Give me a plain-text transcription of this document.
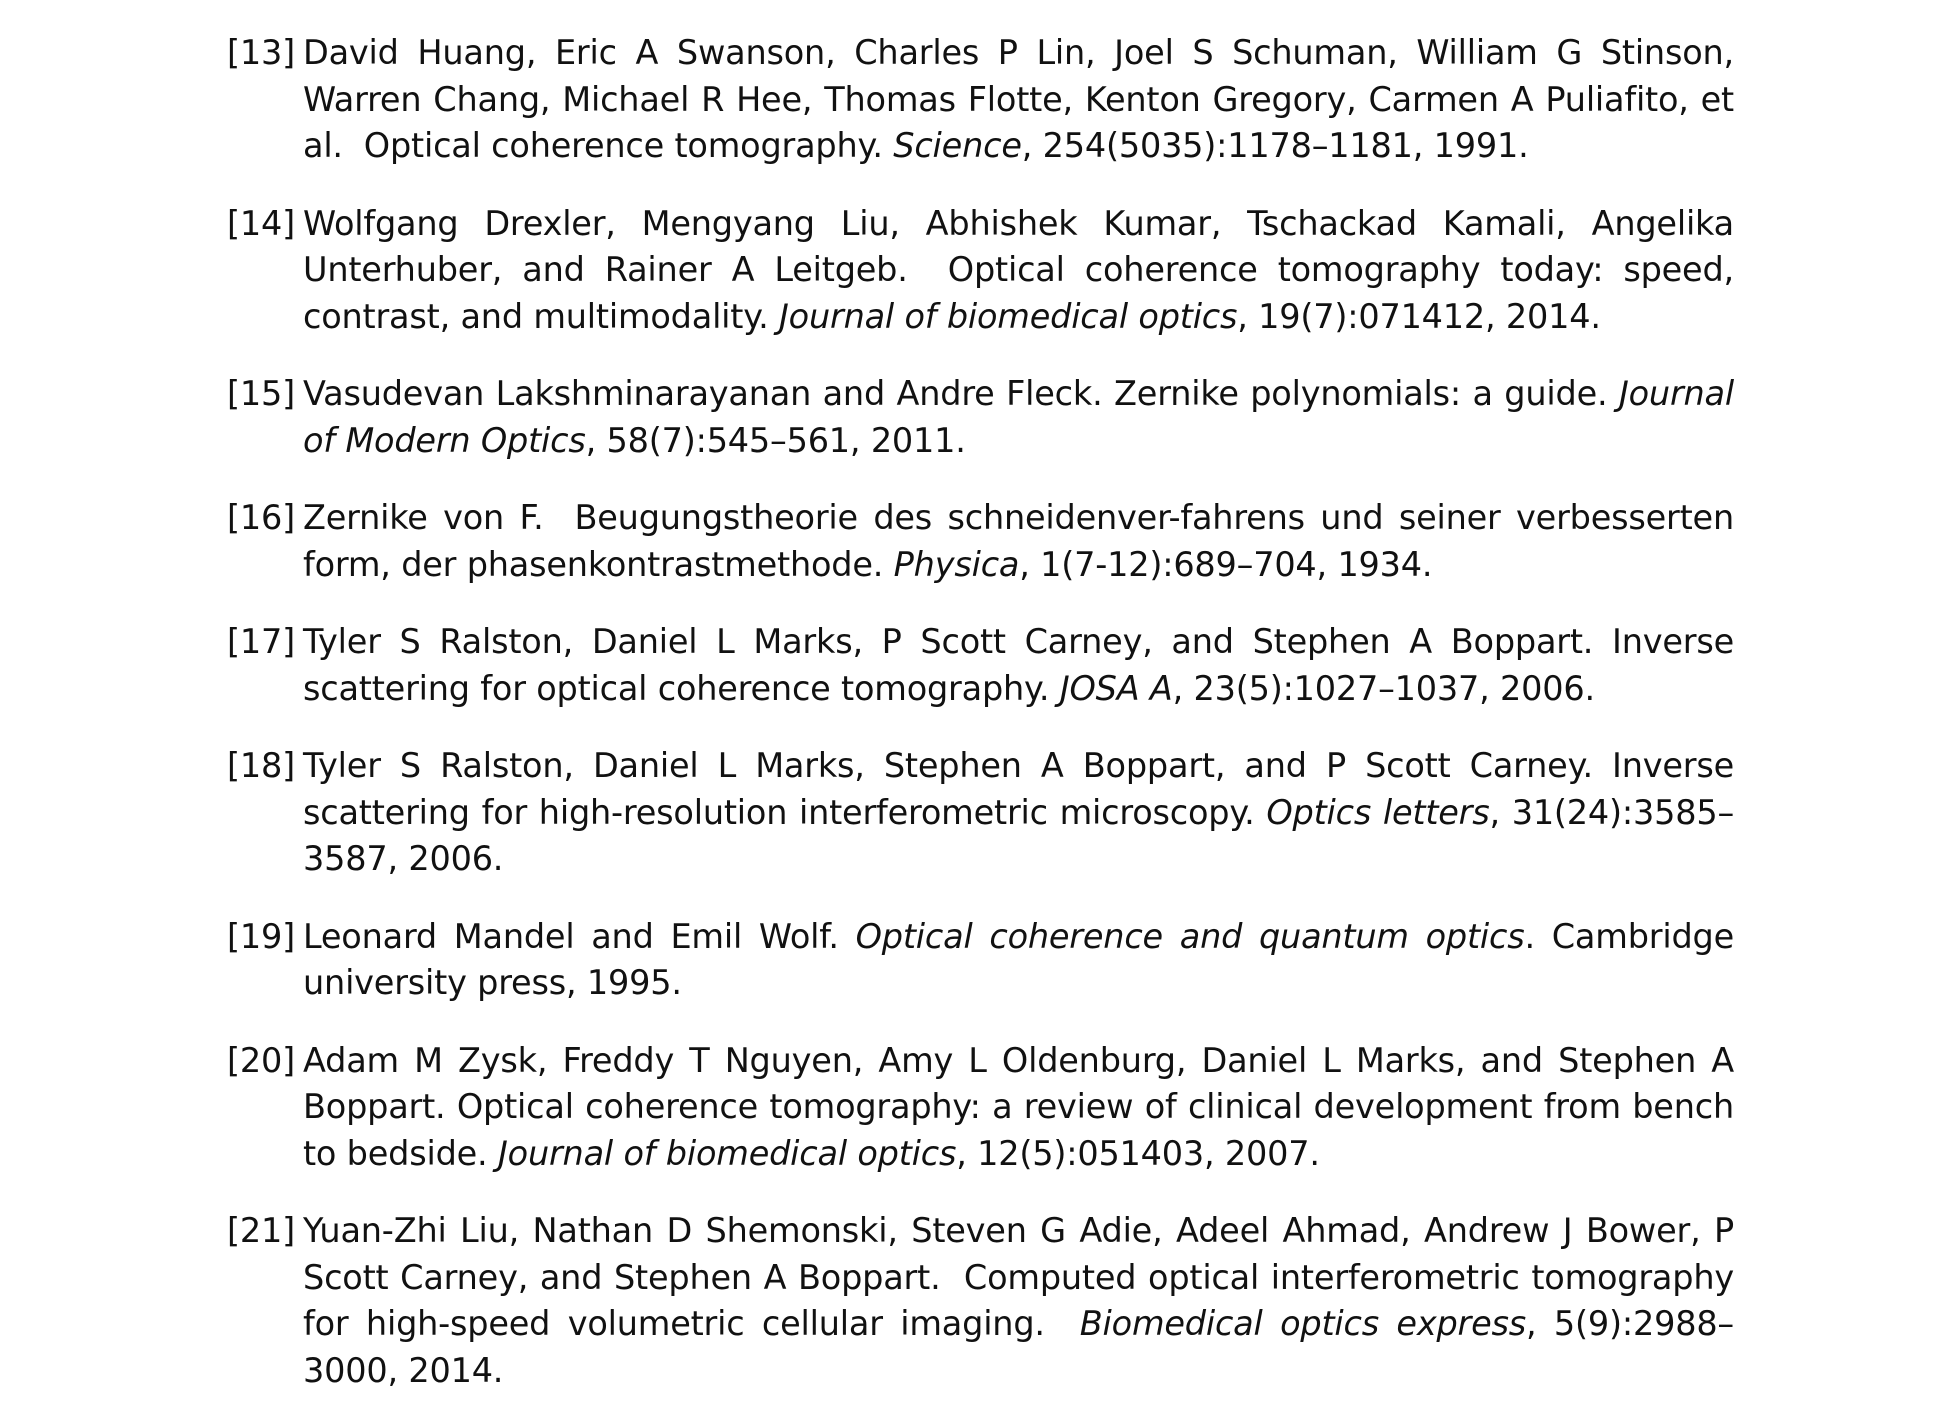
[13] David Huang, Eric A Swanson, Charles P Lin, Joel S Schuman, William G Stinson, Warren Chang, Michael R Hee, Thomas Flotte, Kenton Gregory, Carmen A Puliafito, et al. Optical coherence tomography. Science, 254(5035):1178–1181, 1991.
[14] Wolfgang Drexler, Mengyang Liu, Abhishek Kumar, Tschackad Kamali, Angelika Unterhuber, and Rainer A Leitgeb. Optical coherence tomography today: speed, contrast, and multimodality. Journal of biomedical optics, 19(7):071412, 2014.
[15] Vasudevan Lakshminarayanan and Andre Fleck. Zernike polynomials: a guide. Journal of Modern Optics, 58(7):545–561, 2011.
[16] Zernike von F. Beugungstheorie des schneidenver-fahrens und seiner verbesserten form, der phasenkontrastmethode. Physica, 1(7-12):689–704, 1934.
[17] Tyler S Ralston, Daniel L Marks, P Scott Carney, and Stephen A Boppart. Inverse scattering for optical coherence tomography. JOSA A, 23(5):1027–1037, 2006.
[18] Tyler S Ralston, Daniel L Marks, Stephen A Boppart, and P Scott Carney. Inverse scattering for high-resolution interferometric microscopy. Optics letters, 31(24):3585–3587, 2006.
[19] Leonard Mandel and Emil Wolf. Optical coherence and quantum optics. Cambridge university press, 1995.
[20] Adam M Zysk, Freddy T Nguyen, Amy L Oldenburg, Daniel L Marks, and Stephen A Boppart. Optical coherence tomography: a review of clinical development from bench to bedside. Journal of biomedical optics, 12(5):051403, 2007.
[21] Yuan-Zhi Liu, Nathan D Shemonski, Steven G Adie, Adeel Ahmad, Andrew J Bower, P Scott Carney, and Stephen A Boppart. Computed optical interferometric tomography for high-speed volumetric cellular imaging. Biomedical optics express, 5(9):2988–3000, 2014.
